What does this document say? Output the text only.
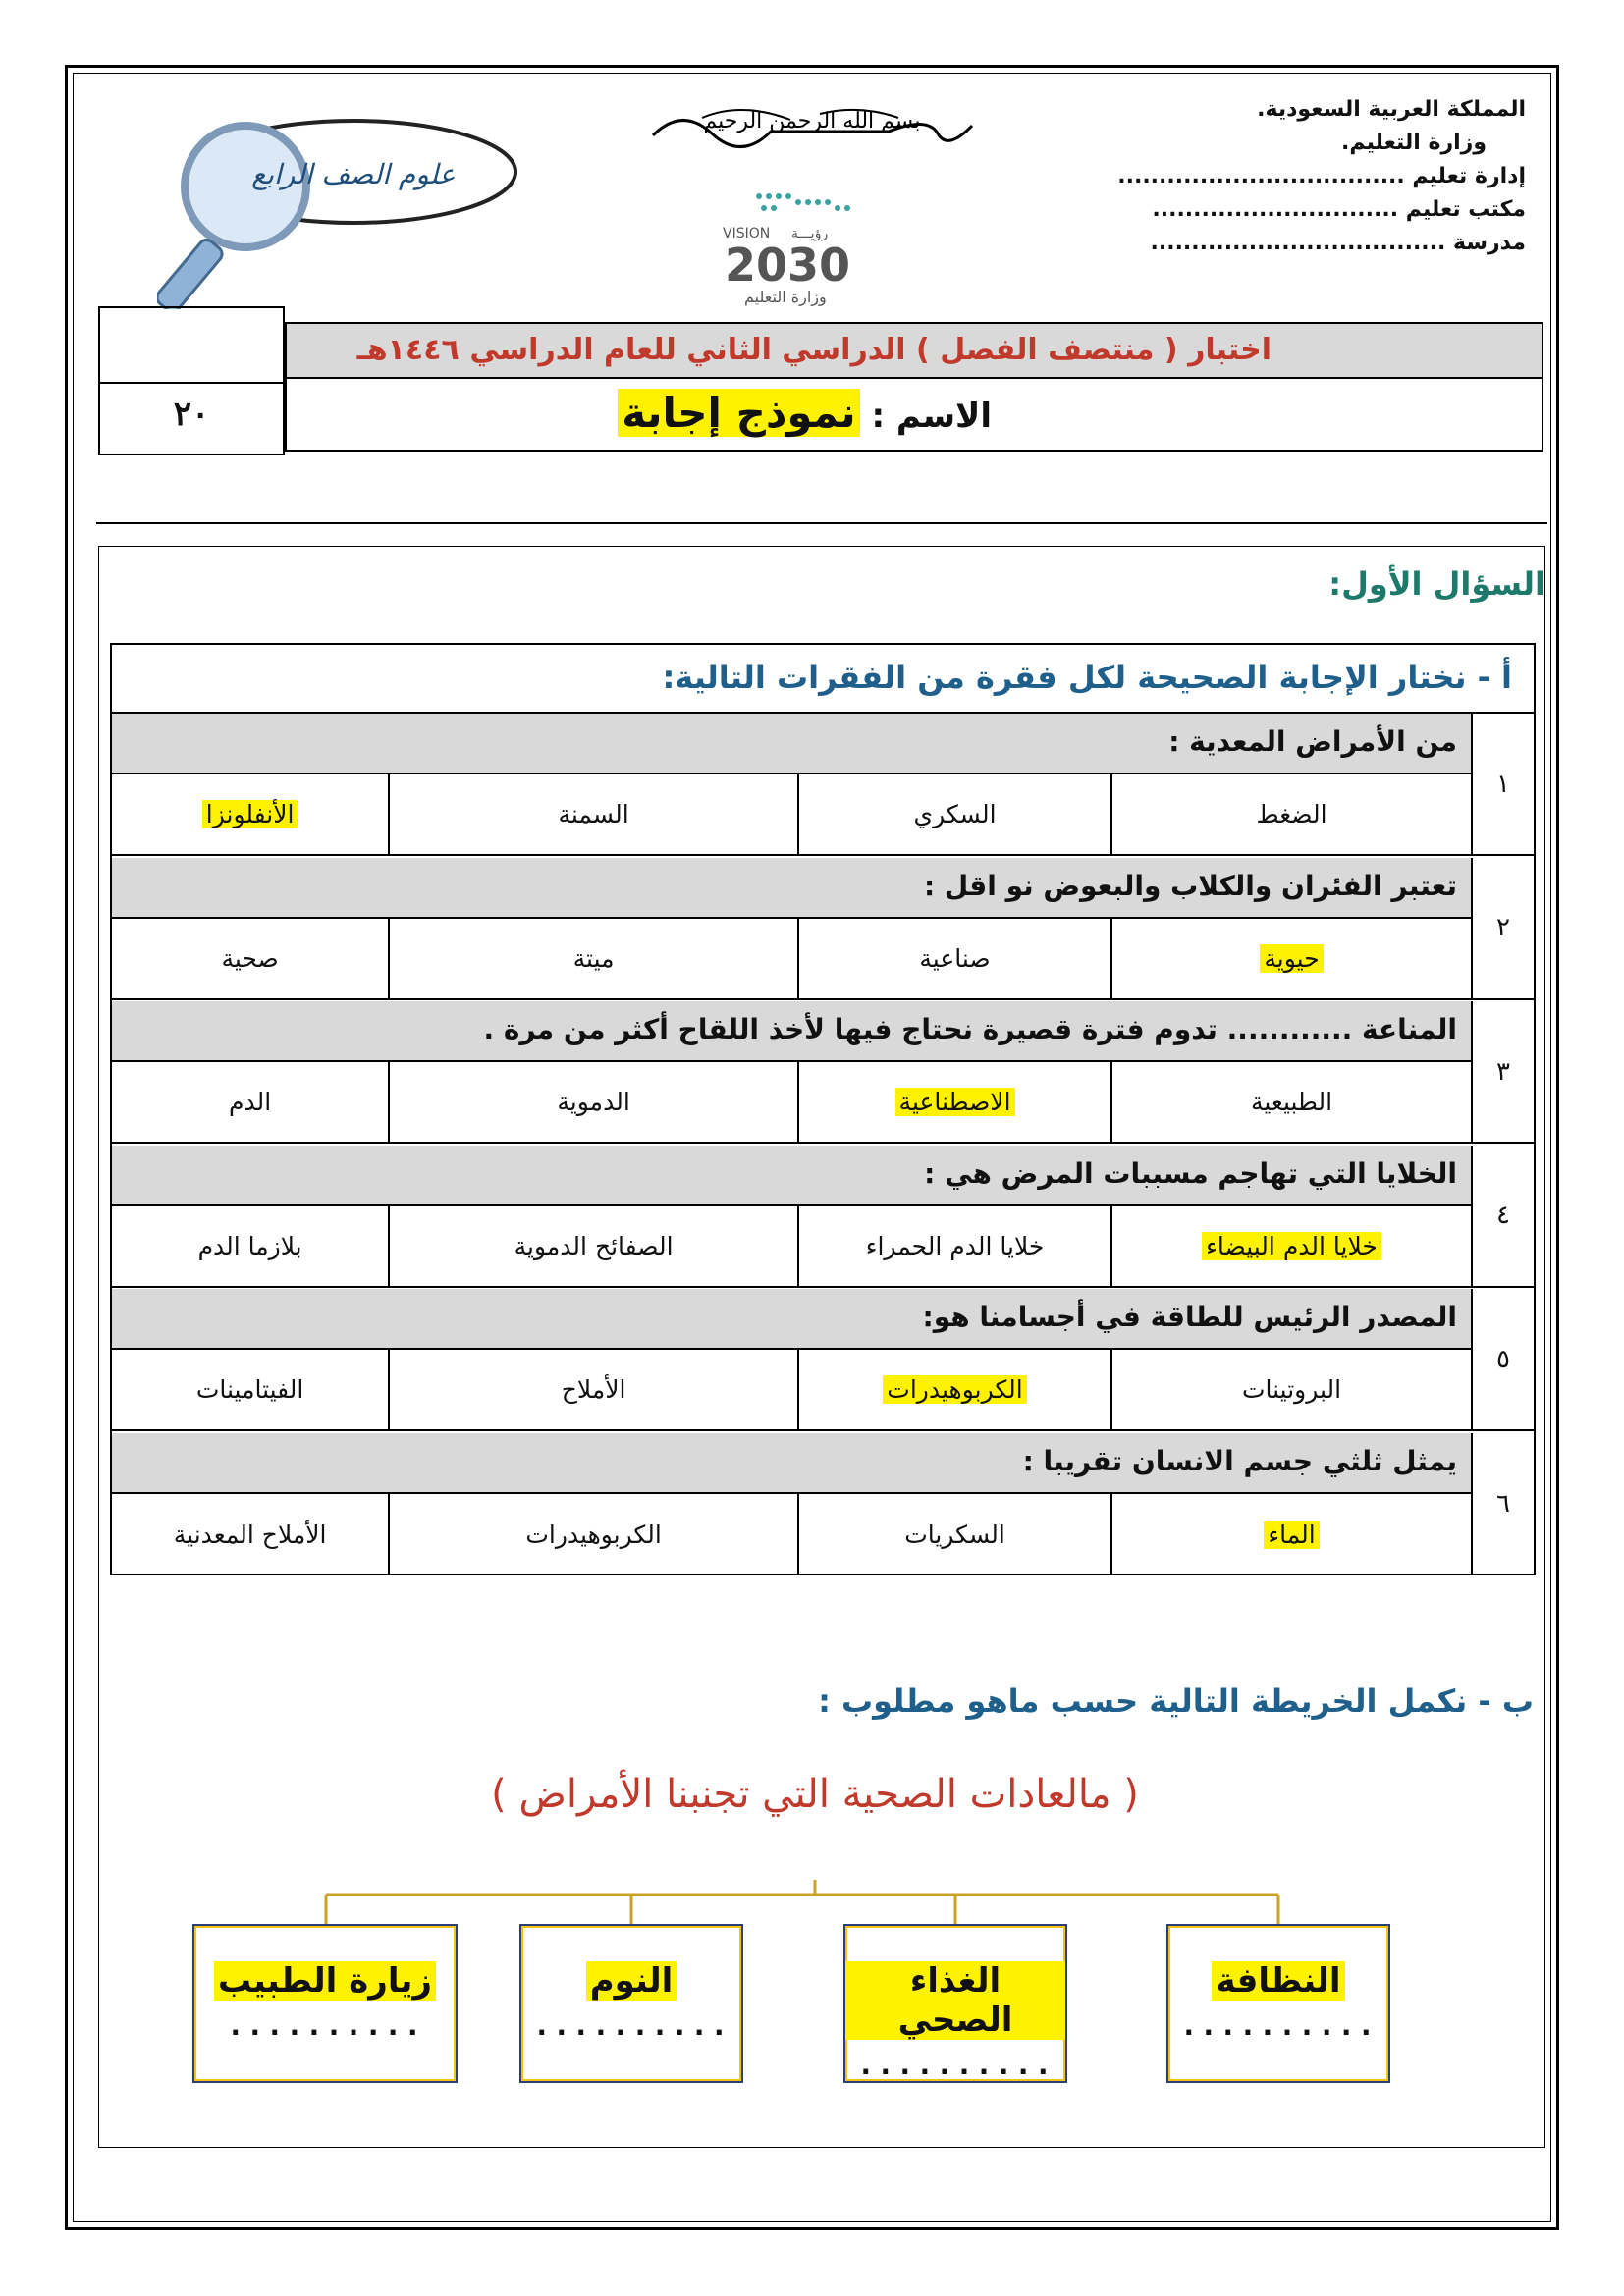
المملكة العربية السعودية.
وزارة التعليم.
إدارة تعليم ...................................
مكتب تعليم ..............................
مدرسة ....................................
بسم الله الرحمن الرحيم
VISION رؤيـــة
2030
وزارة التعليم
علوم الصف الرابع
٢٠
اختبار ( منتصف الفصل ) الدراسي الثاني للعام الدراسي ١٤٤٦هـ
الاسم : نموذج إجابة
السؤال الأول:
أ - نختار الإجابة الصحيحة لكل فقرة من الفقرات التالية:
١
من الأمراض المعدية :
الضغط
السكري
السمنة
الأنفلونزا
٢
تعتبر الفئران والكلاب والبعوض نو اقل :
حيوية
صناعية
ميتة
صحية
٣
المناعة ............ تدوم فترة قصيرة نحتاج فيها لأخذ اللقاح أكثر من مرة .
الطبيعية
الاصطناعية
الدموية
الدم
٤
الخلايا التي تهاجم مسببات المرض هي :
خلايا الدم البيضاء
خلايا الدم الحمراء
الصفائح الدموية
بلازما الدم
٥
المصدر الرئيس للطاقة في أجسامنا هو:
البروتينات
الكربوهيدرات
الأملاح
الفيتامينات
٦
يمثل ثلثي جسم الانسان تقريبا :
الماء
السكريات
الكربوهيدرات
الأملاح المعدنية
ب - نكمل الخريطة التالية حسب ماهو مطلوب :
( مالعادات الصحية التي تجنبنا الأمراض )
النظافة
..........
الغذاء الصحي
..........
النوم
..........
زيارة الطبيب
..........
